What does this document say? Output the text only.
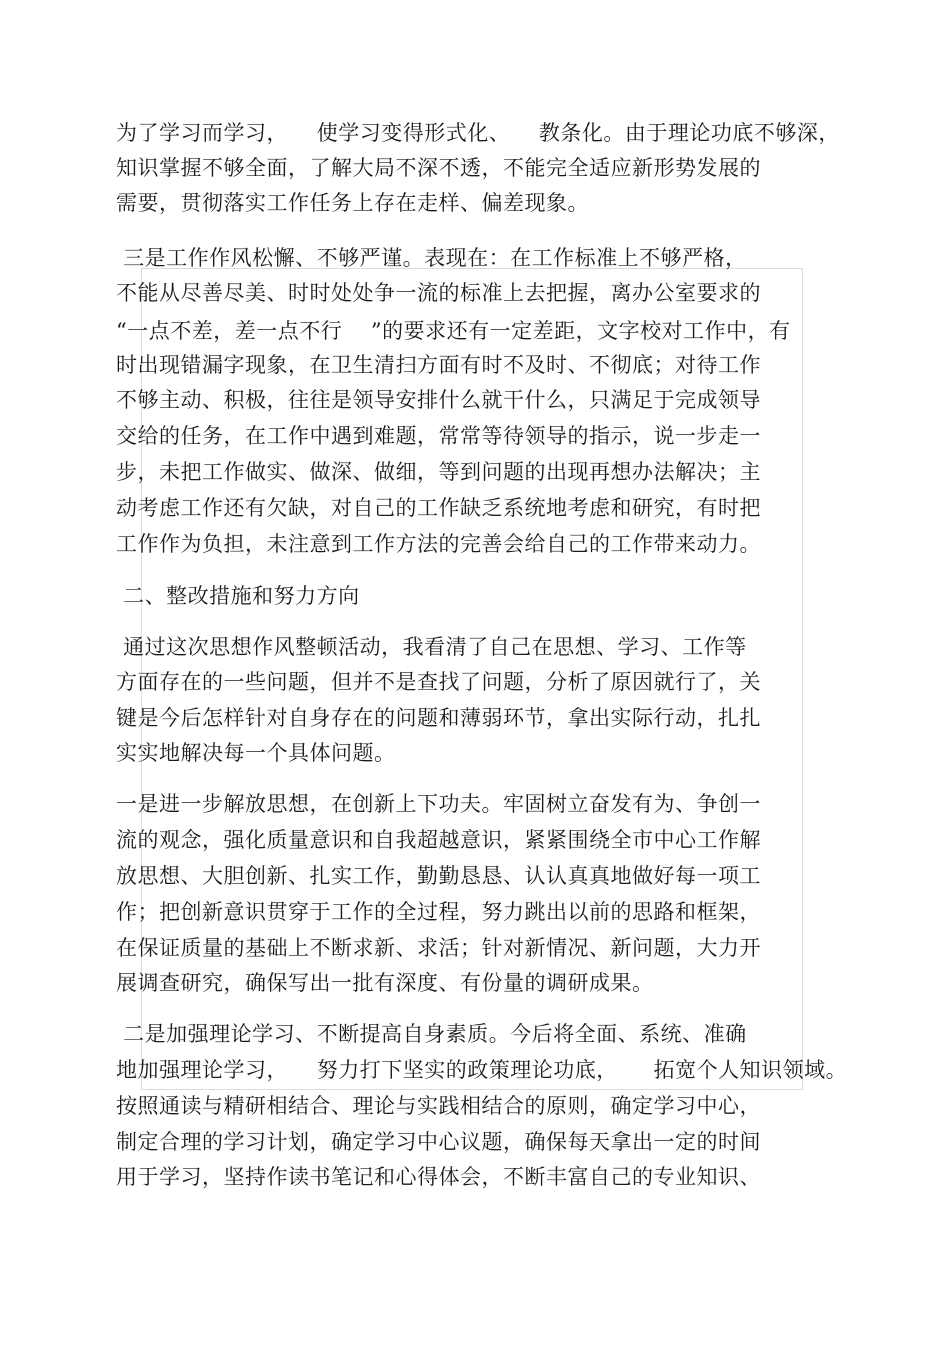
为了学习而学习，    使学习变得形式化、    教条化。由于理论功底不够深，
知识掌握不够全面，了解大局不深不透，不能完全适应新形势发展的
需要，贯彻落实工作任务上存在走样、偏差现象。
三是工作作风松懈、不够严谨。表现在：在工作标准上不够严格，
不能从尽善尽美、时时处处争一流的标准上去把握，离办公室要求的
“一点不差，差一点不行    ”的要求还有一定差距，文字校对工作中，有
时出现错漏字现象，在卫生清扫方面有时不及时、不彻底；对待工作
不够主动、积极，往往是领导安排什么就干什么，只满足于完成领导
交给的任务，在工作中遇到难题，常常等待领导的指示，说一步走一
步，未把工作做实、做深、做细，等到问题的出现再想办法解决；主
动考虑工作还有欠缺，对自己的工作缺乏系统地考虑和研究，有时把
工作作为负担，未注意到工作方法的完善会给自己的工作带来动力。
二、整改措施和努力方向
通过这次思想作风整顿活动，我看清了自己在思想、学习、工作等
方面存在的一些问题，但并不是查找了问题，分析了原因就行了，关
键是今后怎样针对自身存在的问题和薄弱环节，拿出实际行动，扎扎
实实地解决每一个具体问题。
一是进一步解放思想，在创新上下功夫。牢固树立奋发有为、争创一
流的观念，强化质量意识和自我超越意识，紧紧围绕全市中心工作解
放思想、大胆创新、扎实工作，勤勤恳恳、认认真真地做好每一项工
作；把创新意识贯穿于工作的全过程，努力跳出以前的思路和框架，
在保证质量的基础上不断求新、求活；针对新情况、新问题，大力开
展调查研究，确保写出一批有深度、有份量的调研成果。
二是加强理论学习、不断提高自身素质。今后将全面、系统、准确
地加强理论学习，    努力打下坚实的政策理论功底，     拓宽个人知识领域。
按照通读与精研相结合、理论与实践相结合的原则，确定学习中心，
制定合理的学习计划，确定学习中心议题，确保每天拿出一定的时间
用于学习，坚持作读书笔记和心得体会，不断丰富自己的专业知识、
